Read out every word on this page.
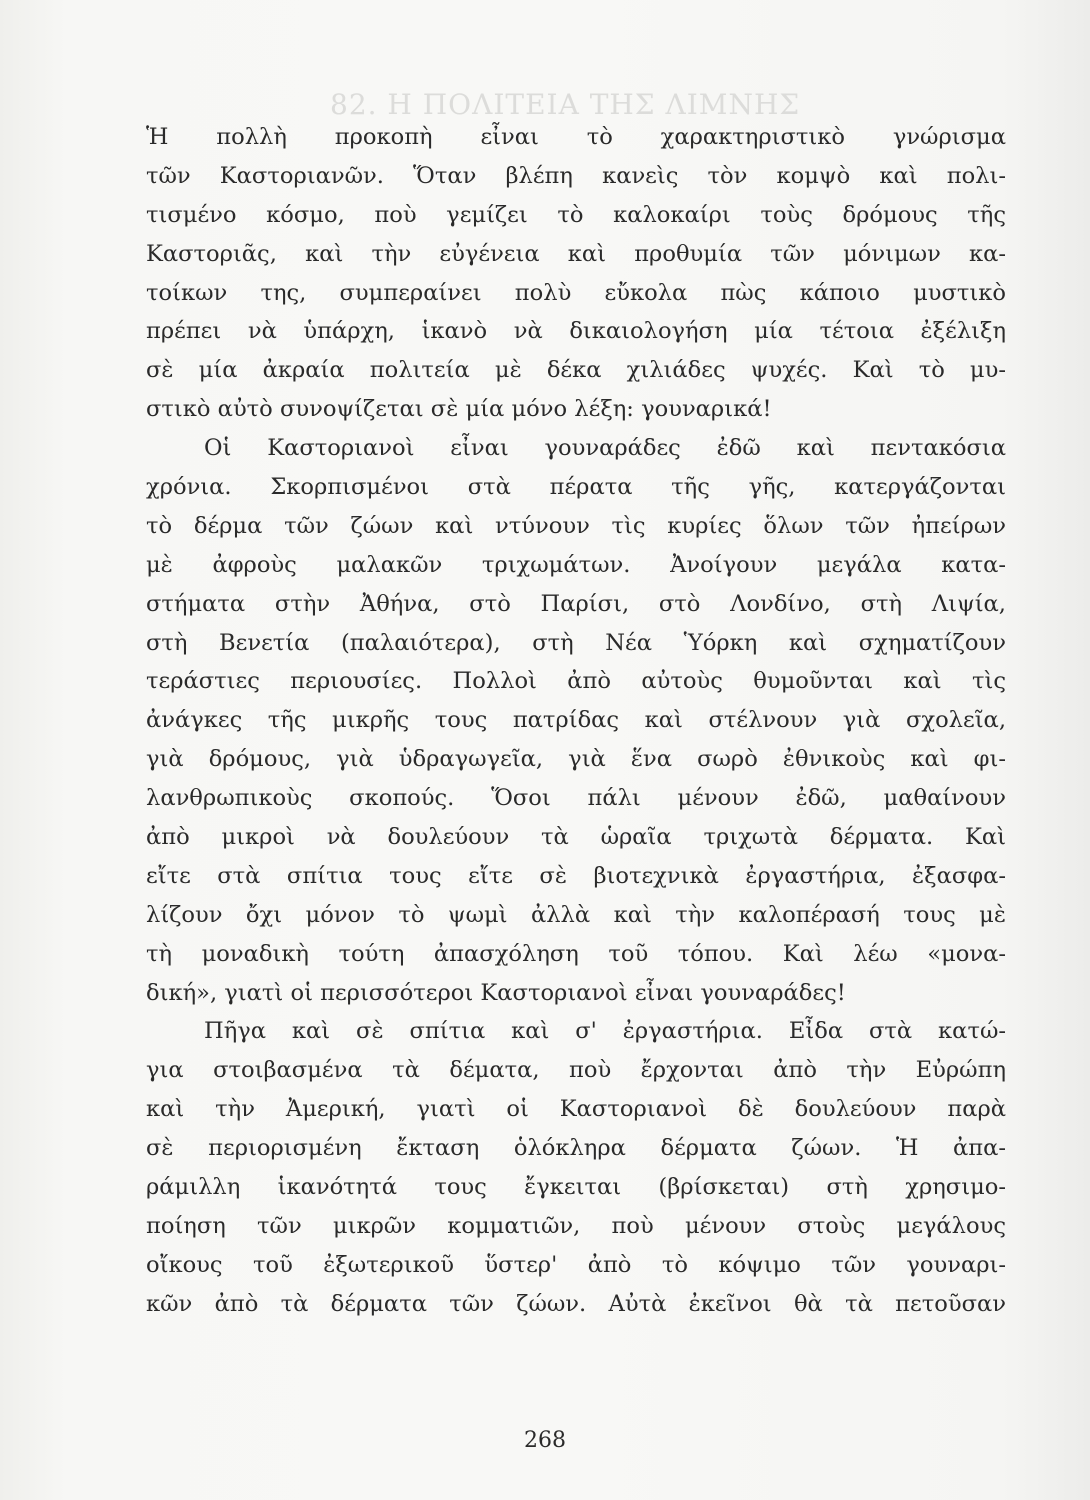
82. Η ΠΟΛΙΤΕΙΑ ΤΗΣ ΛΙΜΝΗΣ
Ἡ πολλὴ προκοπὴ εἶναι τὸ χαρακτηριστικὸ γνώρισμα
τῶν Καστοριανῶν. Ὅταν βλέπη κανεὶς τὸν κομψὸ καὶ πολι-
τισμένο κόσμο, ποὺ γεμίζει τὸ καλοκαίρι τοὺς δρόμους τῆς
Καστοριᾶς, καὶ τὴν εὐγένεια καὶ προθυμία τῶν μόνιμων κα-
τοίκων της, συμπεραίνει πολὺ εὔκολα πὼς κάποιο μυστικὸ
πρέπει νὰ ὑπάρχη, ἱκανὸ νὰ δικαιολογήση μία τέτοια ἐξέλιξη
σὲ μία ἀκραία πολιτεία μὲ δέκα χιλιάδες ψυχές. Καὶ τὸ μυ-
στικὸ αὐτὸ συνοψίζεται σὲ μία μόνο λέξη: γουναρικά!
Οἱ Καστοριανοὶ εἶναι γουναράδες ἐδῶ καὶ πεντακόσια
χρόνια. Σκορπισμένοι στὰ πέρατα τῆς γῆς, κατεργάζονται
τὸ δέρμα τῶν ζώων καὶ ντύνουν τὶς κυρίες ὅλων τῶν ἠπείρων
μὲ ἀφροὺς μαλακῶν τριχωμάτων. Ἀνοίγουν μεγάλα κατα-
στήματα στὴν Ἀθήνα, στὸ Παρίσι, στὸ Λονδίνο, στὴ Λιψία,
στὴ Βενετία (παλαιότερα), στὴ Νέα Ὑόρκη καὶ σχηματίζουν
τεράστιες περιουσίες. Πολλοὶ ἀπὸ αὐτοὺς θυμοῦνται καὶ τὶς
ἀνάγκες τῆς μικρῆς τους πατρίδας καὶ στέλνουν γιὰ σχολεῖα,
γιὰ δρόμους, γιὰ ὑδραγωγεῖα, γιὰ ἕνα σωρὸ ἐθνικοὺς καὶ φι-
λανθρωπικοὺς σκοπούς. Ὅσοι πάλι μένουν ἐδῶ, μαθαίνουν
ἀπὸ μικροὶ νὰ δουλεύουν τὰ ὡραῖα τριχωτὰ δέρματα. Καὶ
εἴτε στὰ σπίτια τους εἴτε σὲ βιοτεχνικὰ ἐργαστήρια, ἐξασφα-
λίζουν ὄχι μόνον τὸ ψωμὶ ἀλλὰ καὶ τὴν καλοπέρασή τους μὲ
τὴ μοναδικὴ τούτη ἀπασχόληση τοῦ τόπου. Καὶ λέω «μονα-
δική», γιατὶ οἱ περισσότεροι Καστοριανοὶ εἶναι γουναράδες!
Πῆγα καὶ σὲ σπίτια καὶ σ' ἐργαστήρια. Εἶδα στὰ κατώ-
για στοιβασμένα τὰ δέματα, ποὺ ἔρχονται ἀπὸ τὴν Εὐρώπη
καὶ τὴν Ἀμερική, γιατὶ οἱ Καστοριανοὶ δὲ δουλεύουν παρὰ
σὲ περιορισμένη ἔκταση ὁλόκληρα δέρματα ζώων. Ἡ ἀπα-
ράμιλλη ἱκανότητά τους ἔγκειται (βρίσκεται) στὴ χρησιμο-
ποίηση τῶν μικρῶν κομματιῶν, ποὺ μένουν στοὺς μεγάλους
οἴκους τοῦ ἐξωτερικοῦ ὕστερ' ἀπὸ τὸ κόψιμο τῶν γουναρι-
κῶν ἀπὸ τὰ δέρματα τῶν ζώων. Αὐτὰ ἐκεῖνοι θὰ τὰ πετοῦσαν
268
